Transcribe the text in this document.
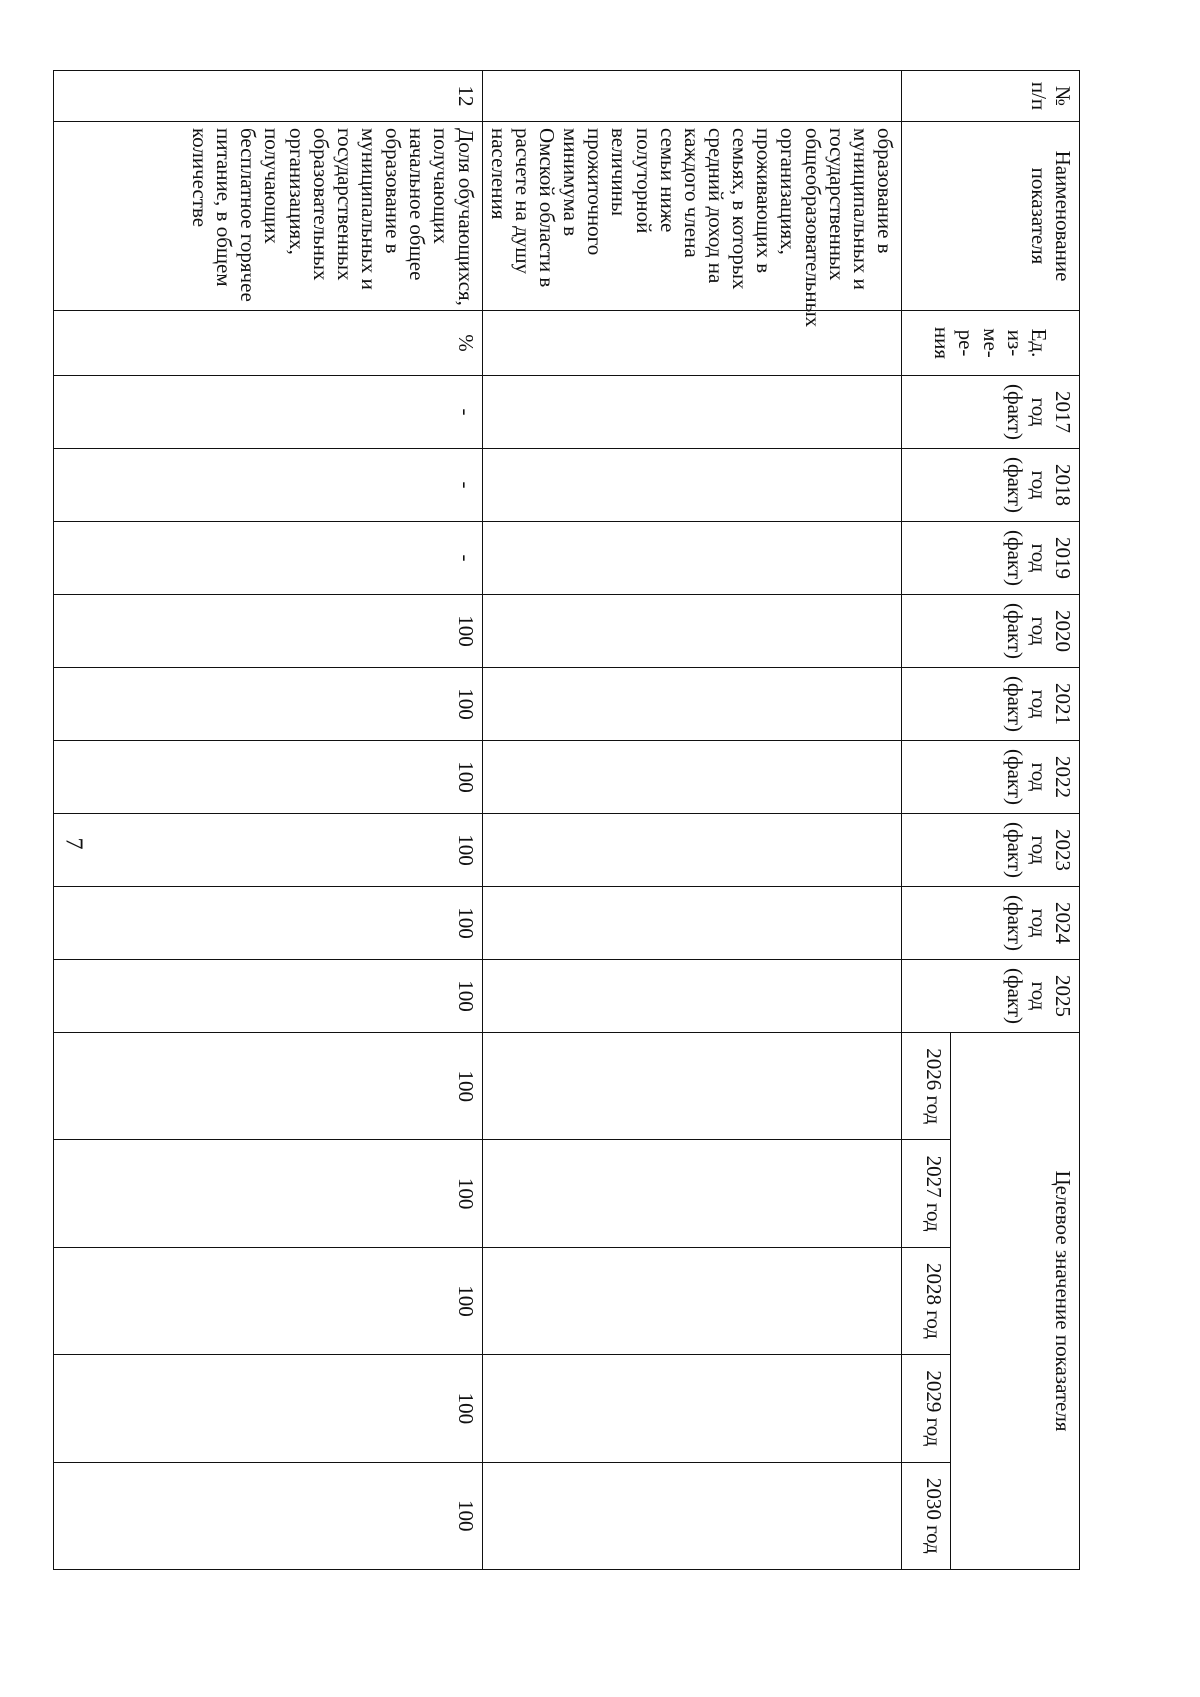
7
№ п/п	Наименование показателя	Ед. из-ме-ре-ния	2017 год (факт)	2018 год (факт)	2019 год (факт)	2020 год (факт)	2021 год (факт)	2022 год (факт)	2023 год (факт)	2024 год (факт)	2025 год (факт)	Целевое значение показателя				
												2026 год	2027 год	2028 год	2029 год	2030 год
	образование в муниципальных и государственных общеобразовательных организациях, проживающих в семьях, в которых средний доход на каждого члена семьи ниже полуторной величины прожиточного минимума в Омской области в расчете на душу населения															
12	Доля обучающихся, получающих начальное общее образование в муниципальных и государственных образовательных организациях, получающих бесплатное горячее питание, в общем количестве	%	-	-	-	100	100	100	100	100	100	100	100	100	100	100
